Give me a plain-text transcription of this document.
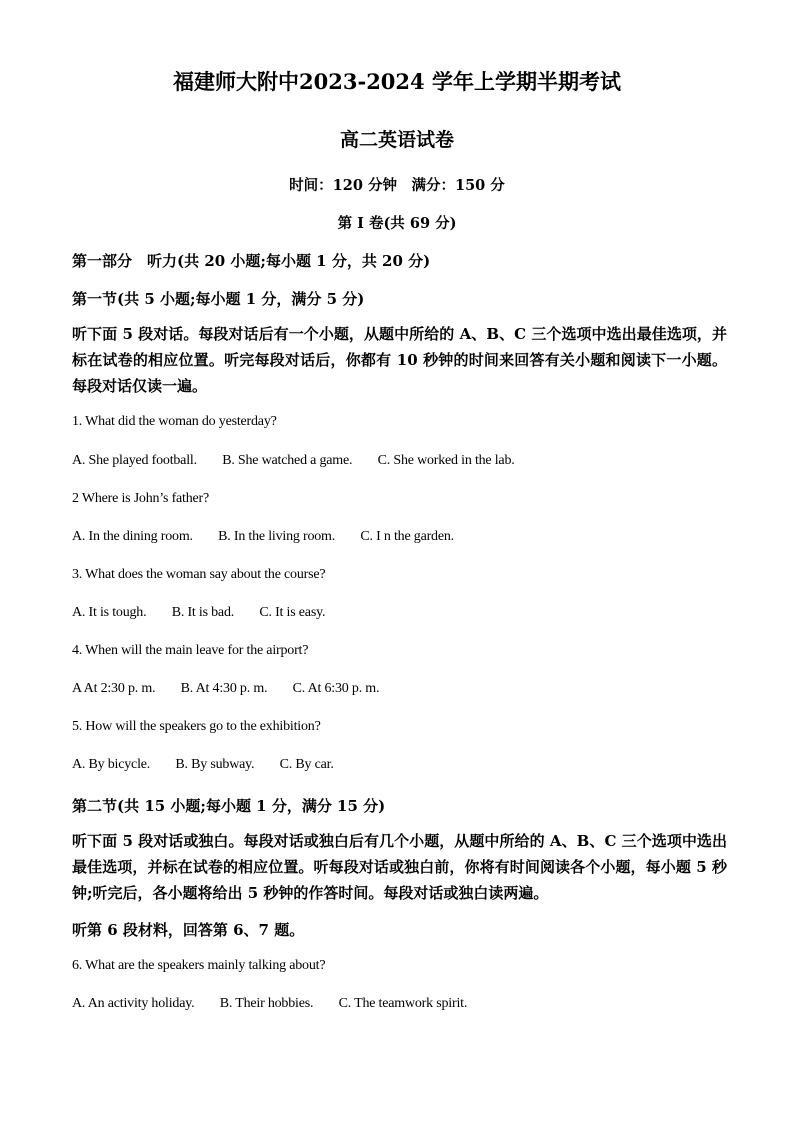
福建师大附中2023-2024 学年上学期半期考试
高二英语试卷
时间：120 分钟　满分：150 分
第 I 卷(共 69 分)
第一部分　听力(共 20 小题;每小题 1 分，共 20 分)
第一节(共 5 小题;每小题 1 分，满分 5 分)
听下面 5 段对话。每段对话后有一个小题，从题中所给的 A、B、C 三个选项中选出最佳选项，并标在试卷的相应位置。听完每段对话后，你都有 10 秒钟的时间来回答有关小题和阅读下一小题。每段对话仅读一遍。
1. What did the woman do yesterday?
A. She played football. B. She watched a game. C. She worked in the lab.
2 Where is John’s father?
A. In the dining room. B. In the living room. C. I n the garden.
3. What does the woman say about the course?
A. It is tough. B. It is bad. C. It is easy.
4. When will the main leave for the airport?
A At 2:30 p. m. B. At 4:30 p. m. C. At 6:30 p. m.
5. How will the speakers go to the exhibition?
A. By bicycle. B. By subway. C. By car.
第二节(共 15 小题;每小题 1 分，满分 15 分)
听下面 5 段对话或独白。每段对话或独白后有几个小题，从题中所给的 A、B、C 三个选项中选出最佳选项，并标在试卷的相应位置。听每段对话或独白前，你将有时间阅读各个小题，每小题 5 秒钟;听完后，各小题将给出 5 秒钟的作答时间。每段对话或独白读两遍。
听第 6 段材料，回答第 6、7 题。
6. What are the speakers mainly talking about?
A. An activity holiday. B. Their hobbies. C. The teamwork spirit.
